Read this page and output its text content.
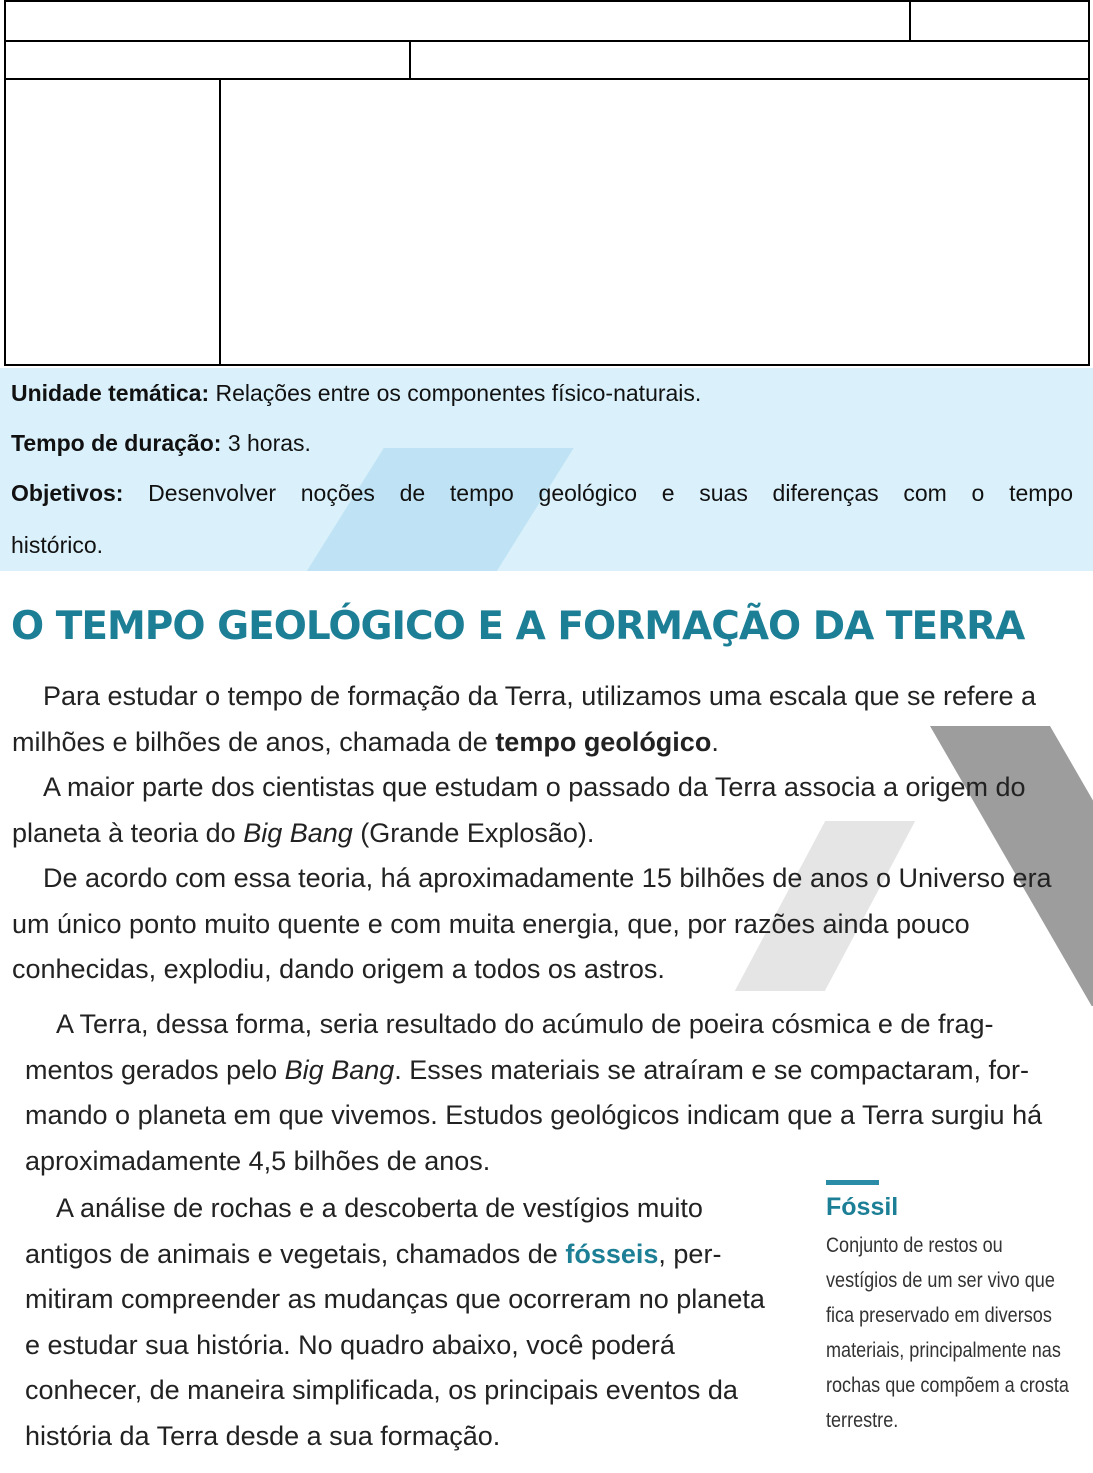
Unidade temática: Relações entre os componentes físico-naturais.
Tempo de duração: 3 horas.
Objetivos: Desenvolver noções de tempo geológico e suas diferenças com o tempo
histórico.
O TEMPO GEOLÓGICO E A FORMAÇÃO DA TERRA

Para estudar o tempo de formação da Terra, utilizamos uma escala que se refere a milhões e bilhões de anos, chamada de tempo geológico.

A maior parte dos cientistas que estudam o passado da Terra associa a origem do planeta à teoria do Big Bang (Grande Explosão).

De acordo com essa teoria, há aproximadamente 15 bilhões de anos o Universo era um único ponto muito quente e com muita energia, que, por razões ainda pouco conhecidas, explodiu, dando origem a todos os astros.

A Terra, dessa forma, seria resultado do acúmulo de poeira cósmica e de fragmentos gerados pelo Big Bang. Esses materiais se atraíram e se compactaram, formando o planeta em que vivemos. Estudos geológicos indicam que a Terra surgiu há aproximadamente 4,5 bilhões de anos.

A análise de rochas e a descoberta de vestígios muito antigos de animais e vegetais, chamados de fósseis, permitiram compreender as mudanças que ocorreram no planeta e estudar sua história. No quadro abaixo, você poderá conhecer, de maneira simplificada, os principais eventos da história da Terra desde a sua formação.

Fóssil

Conjunto de restos ou vestígios de um ser vivo que fica preservado em diversos materiais, principalmente nas rochas que compõem a crosta terrestre.
